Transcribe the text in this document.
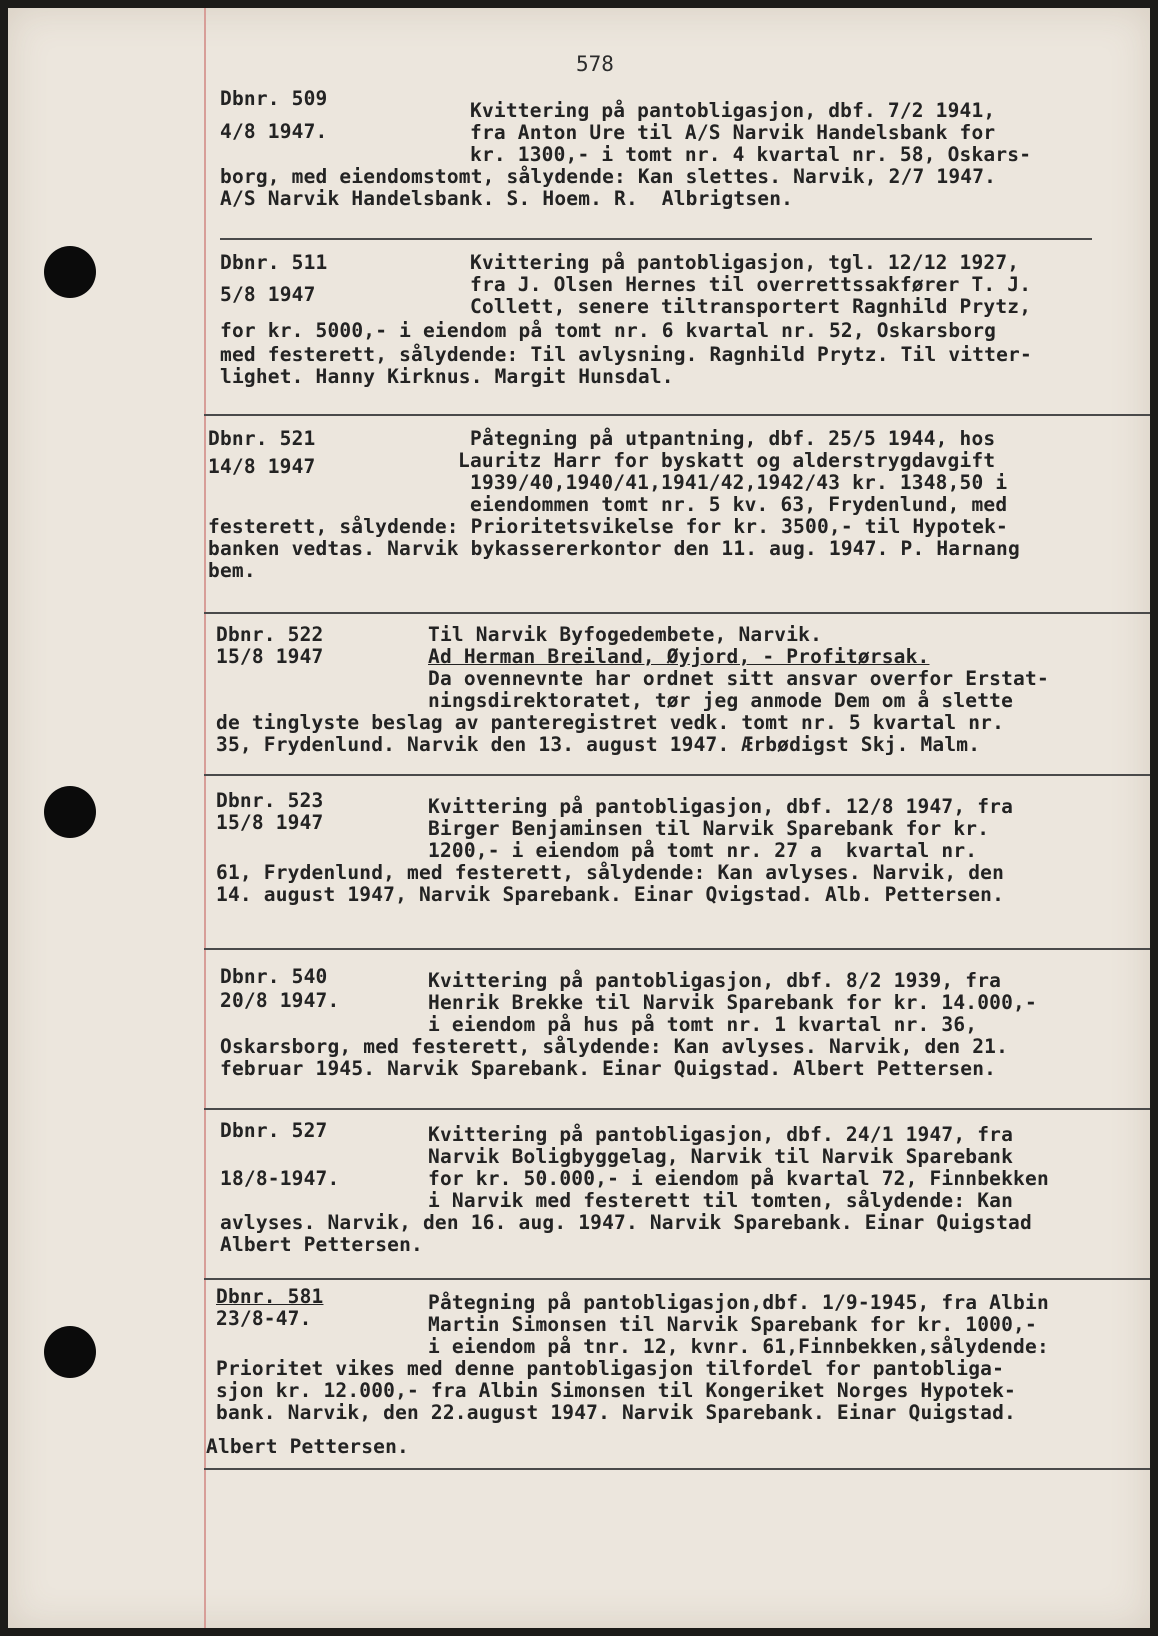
578
Dbnr. 509
4/8 1947.
Kvittering på pantobligasjon, dbf. 7/2 1941,
fra Anton Ure til A/S Narvik Handelsbank for
kr. 1300,- i tomt nr. 4 kvartal nr. 58, Oskars-
borg, med eiendomstomt, sålydende: Kan slettes. Narvik, 2/7 1947.
A/S Narvik Handelsbank. S. Hoem. R.  Albrigtsen.
Dbnr. 511
5/8 1947
Kvittering på pantobligasjon, tgl. 12/12 1927,
fra J. Olsen Hernes til overrettssakfører T. J.
Collett, senere tiltransportert Ragnhild Prytz,
for kr. 5000,- i eiendom på tomt nr. 6 kvartal nr. 52, Oskarsborg
med festerett, sålydende: Til avlysning. Ragnhild Prytz. Til vitter-
lighet. Hanny Kirknus. Margit Hunsdal.
Dbnr. 521
14/8 1947
Påtegning på utpantning, dbf. 25/5 1944, hos
Lauritz Harr for byskatt og alderstrygdavgift
1939/40,1940/41,1941/42,1942/43 kr. 1348,50 i
eiendommen tomt nr. 5 kv. 63, Frydenlund, med
festerett, sålydende: Prioritetsvikelse for kr. 3500,- til Hypotek-
banken vedtas. Narvik bykassererkontor den 11. aug. 1947. P. Harnang
bem.
Dbnr. 522
15/8 1947
Til Narvik Byfogedembete, Narvik.
Ad Herman Breiland, Øyjord, - Profitørsak.
Da ovennevnte har ordnet sitt ansvar overfor Erstat-
ningsdirektoratet, tør jeg anmode Dem om å slette
de tinglyste beslag av panteregistret vedk. tomt nr. 5 kvartal nr.
35, Frydenlund. Narvik den 13. august 1947. Ærbødigst Skj. Malm.
Dbnr. 523
15/8 1947
Kvittering på pantobligasjon, dbf. 12/8 1947, fra
Birger Benjaminsen til Narvik Sparebank for kr.
1200,- i eiendom på tomt nr. 27 a  kvartal nr.
61, Frydenlund, med festerett, sålydende: Kan avlyses. Narvik, den
14. august 1947, Narvik Sparebank. Einar Qvigstad. Alb. Pettersen.
Dbnr. 540
20/8 1947.
Kvittering på pantobligasjon, dbf. 8/2 1939, fra
Henrik Brekke til Narvik Sparebank for kr. 14.000,-
i eiendom på hus på tomt nr. 1 kvartal nr. 36,
Oskarsborg, med festerett, sålydende: Kan avlyses. Narvik, den 21.
februar 1945. Narvik Sparebank. Einar Quigstad. Albert Pettersen.
Dbnr. 527
18/8-1947.
Kvittering på pantobligasjon, dbf. 24/1 1947, fra
Narvik Boligbyggelag, Narvik til Narvik Sparebank
for kr. 50.000,- i eiendom på kvartal 72, Finnbekken
i Narvik med festerett til tomten, sålydende: Kan
avlyses. Narvik, den 16. aug. 1947. Narvik Sparebank. Einar Quigstad
Albert Pettersen.
Dbnr. 581
23/8-47.
Påtegning på pantobligasjon,dbf. 1/9-1945, fra Albin
Martin Simonsen til Narvik Sparebank for kr. 1000,-
i eiendom på tnr. 12, kvnr. 61,Finnbekken,sålydende:
Prioritet vikes med denne pantobligasjon tilfordel for pantobliga-
sjon kr. 12.000,- fra Albin Simonsen til Kongeriket Norges Hypotek-
bank. Narvik, den 22.august 1947. Narvik Sparebank. Einar Quigstad.
Albert Pettersen.
